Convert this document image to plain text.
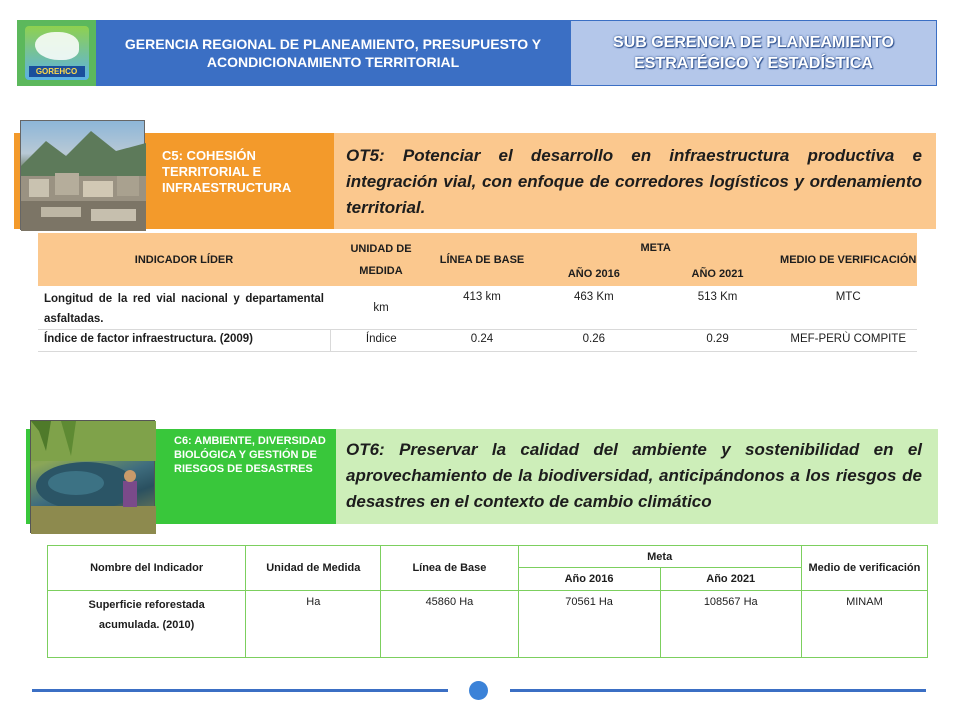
GOREHCO
GERENCIA REGIONAL DE PLANEAMIENTO, PRESUPUESTO Y ACONDICIONAMIENTO TERRITORIAL
SUB GERENCIA DE PLANEAMIENTO ESTRATÉGICO Y ESTADÍSTICA
C5: COHESIÓN TERRITORIAL E INFRAESTRUCTURA
OT5: Potenciar el desarrollo en infraestructura productiva e integración vial, con enfoque de corredores logísticos y ordenamiento territorial.
INDICADOR LÍDER	UNIDAD DE MEDIDA	LÍNEA DE BASE	META		MEDIO DE VERIFICACIÓN
			AÑO 2016	AÑO 2021	
Longitud de la red vial nacional y departamental asfaltadas.	km	413 km	463 Km	513 Km	MTC
Índice de factor infraestructura. (2009)	Índice	0.24	0.26	0.29	MEF-PERÙ COMPITE
C6: AMBIENTE, DIVERSIDAD BIOLÓGICA Y GESTIÓN DE RIESGOS DE DESASTRES
OT6: Preservar la calidad del ambiente y sostenibilidad en el aprovechamiento de la biodiversidad, anticipándonos a los riesgos de desastres en el contexto de cambio climático
Nombre del Indicador	Unidad de Medida	Línea de Base	Meta		Medio de verificación
			Año 2016	Año 2021	
Superficie reforestada acumulada. (2010)	Ha	45860 Ha	70561 Ha	108567 Ha	MINAM
